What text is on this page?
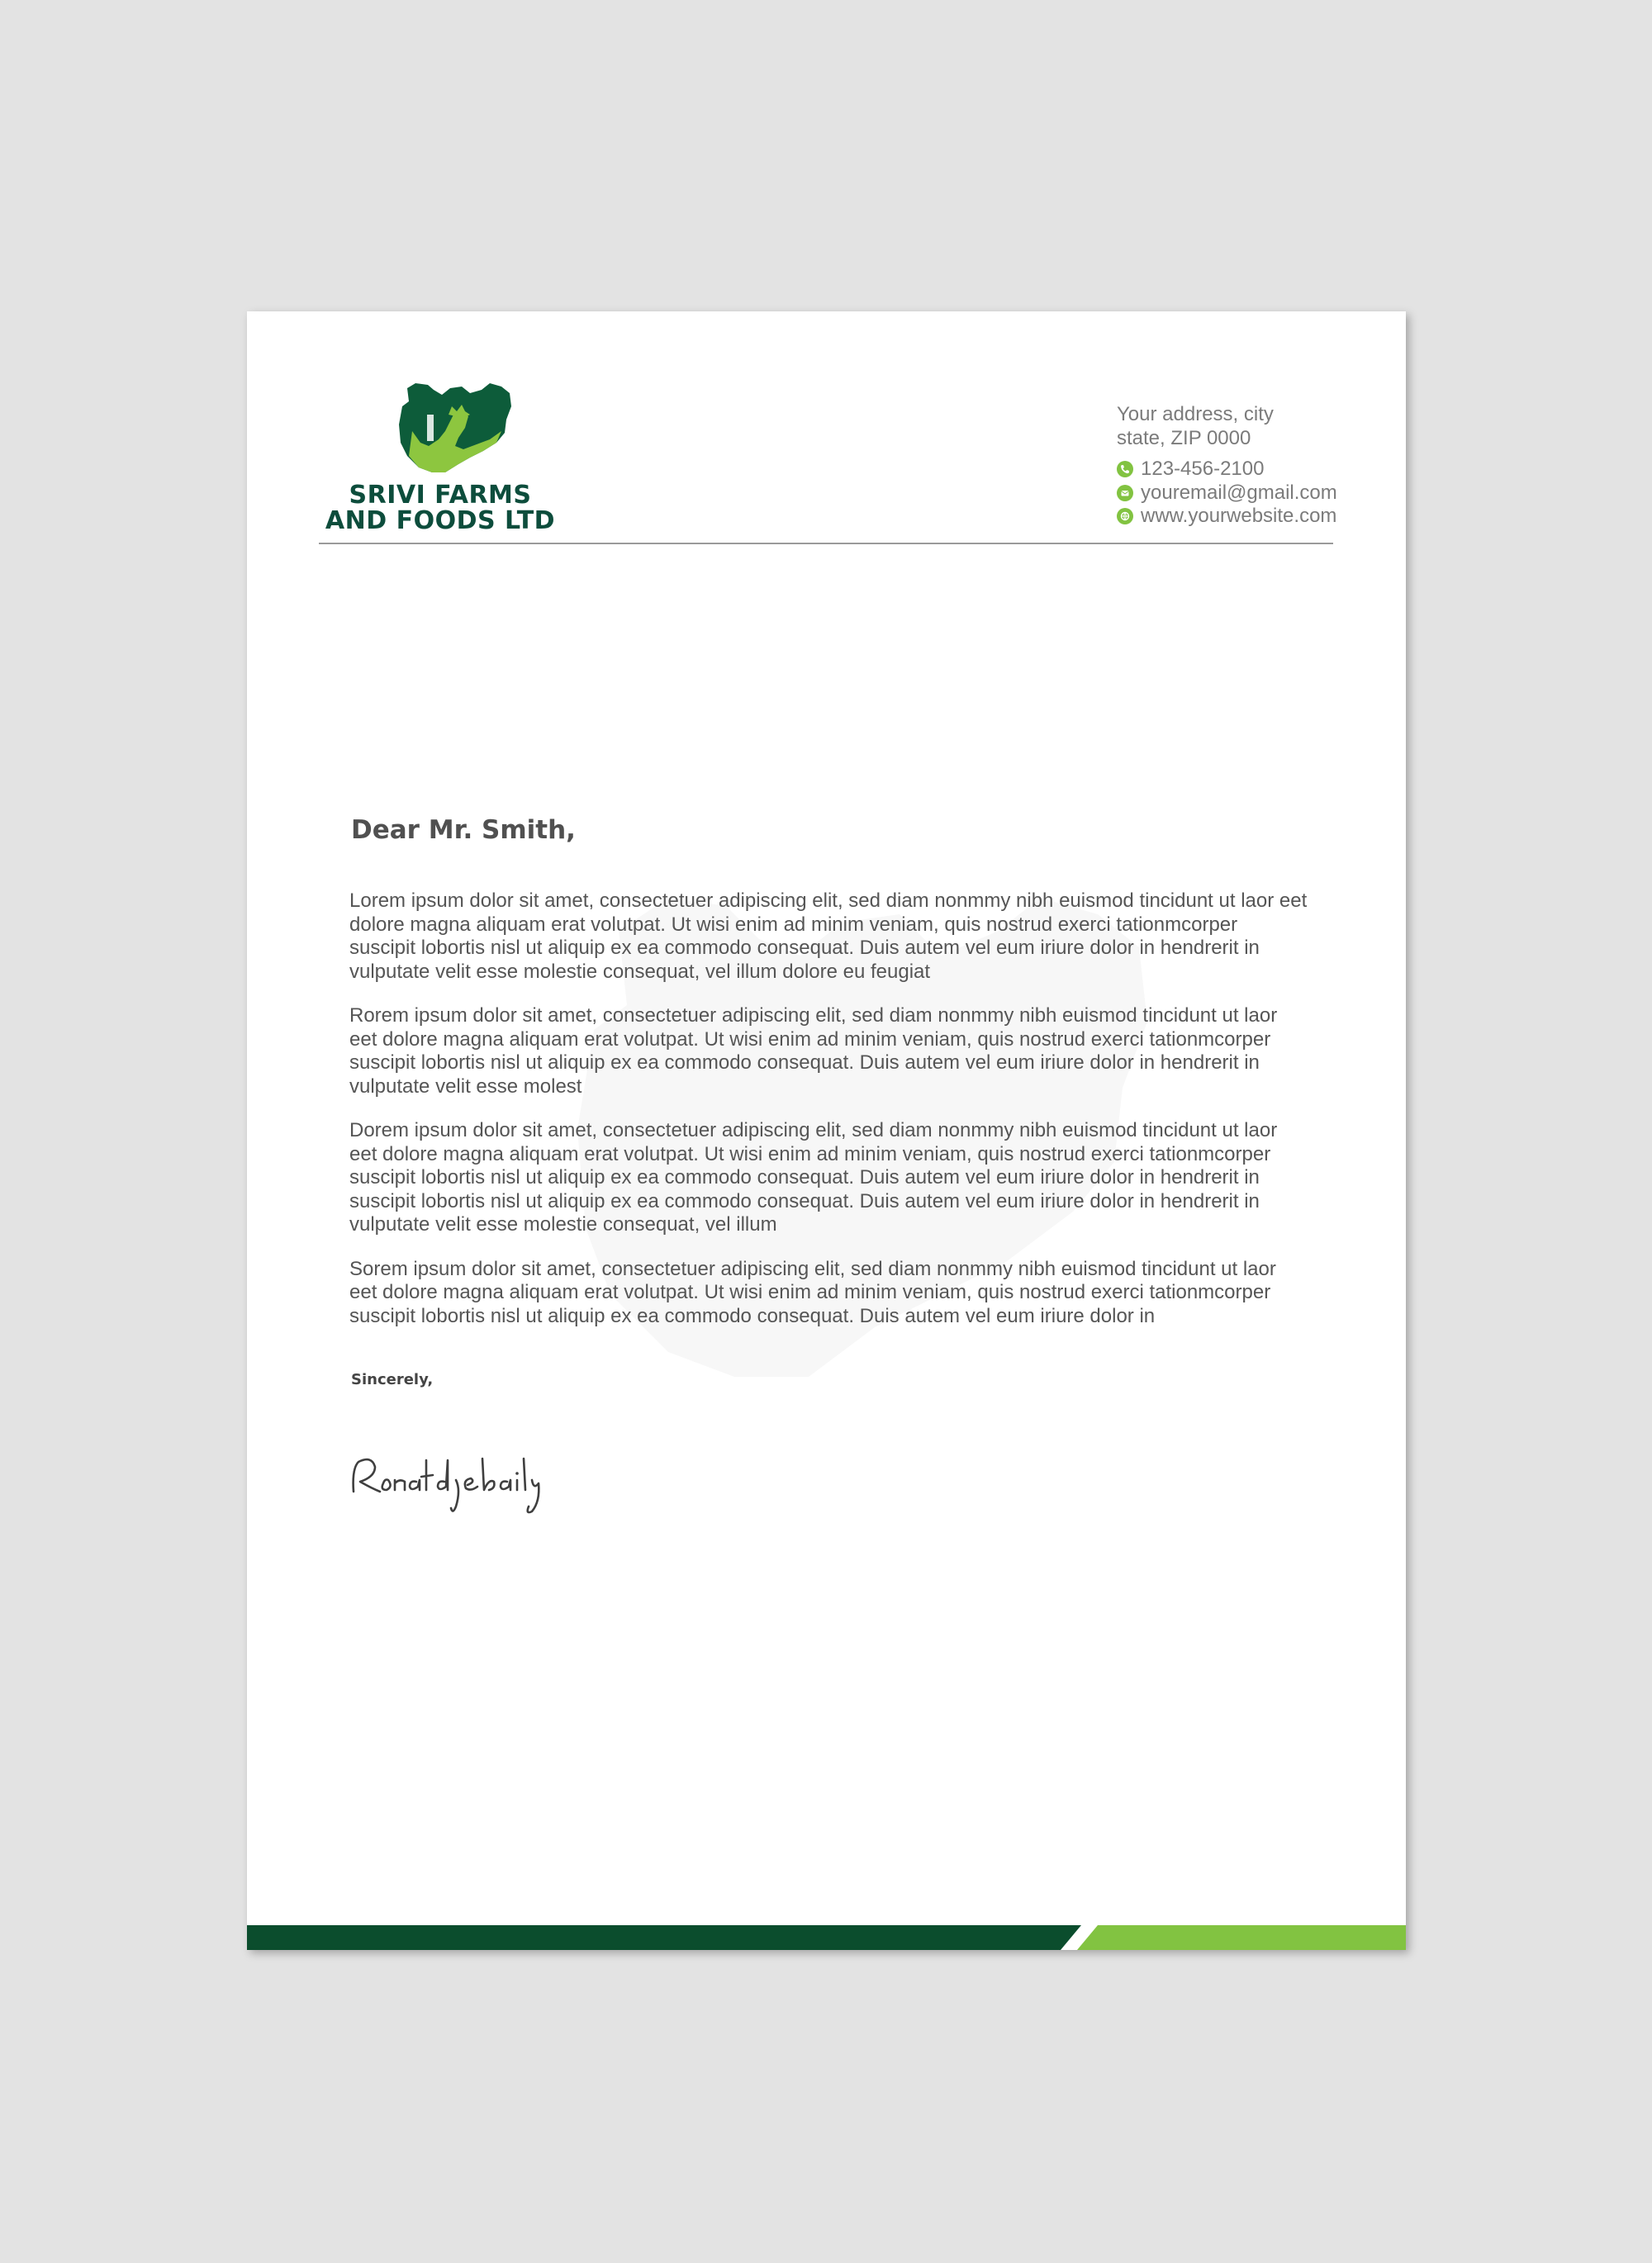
SRIVI FARMS
AND FOODS LTD
Your address, city
state, ZIP 0000
123-456-2100
youremail@gmail.com
www.yourwebsite.com
Dear Mr. Smith,

Lorem ipsum dolor sit amet, consectetuer adipiscing elit, sed diam nonmmy nibh euismod tincidunt ut laor eet dolore magna aliquam erat volutpat. Ut wisi enim ad minim veniam, quis nostrud exerci tationmcorper suscipit lobortis nisl ut aliquip ex ea commodo consequat. Duis autem vel eum iriure dolor in hendrerit in vulputate velit esse molestie consequat, vel illum dolore eu feugiat

Rorem ipsum dolor sit amet, consectetuer adipiscing elit, sed diam nonmmy nibh euismod tincidunt ut laor eet dolore magna aliquam erat volutpat. Ut wisi enim ad minim veniam, quis nostrud exerci tationmcorper suscipit lobortis nisl ut aliquip ex ea commodo consequat. Duis autem vel eum iriure dolor in hendrerit in vulputate velit esse molest

Dorem ipsum dolor sit amet, consectetuer adipiscing elit, sed diam nonmmy nibh euismod tincidunt ut laor eet dolore magna aliquam erat volutpat. Ut wisi enim ad minim veniam, quis nostrud exerci tationmcorper suscipit lobortis nisl ut aliquip ex ea commodo consequat. Duis autem vel eum iriure dolor in hendrerit in suscipit lobortis nisl ut aliquip ex ea commodo consequat. Duis autem vel eum iriure dolor in hendrerit in vulputate velit esse molestie consequat, vel illum

Sorem ipsum dolor sit amet, consectetuer adipiscing elit, sed diam nonmmy nibh euismod tincidunt ut laor eet dolore magna aliquam erat volutpat. Ut wisi enim ad minim veniam, quis nostrud exerci tationmcorper suscipit lobortis nisl ut aliquip ex ea commodo consequat. Duis autem vel eum iriure dolor in

Sincerely,
